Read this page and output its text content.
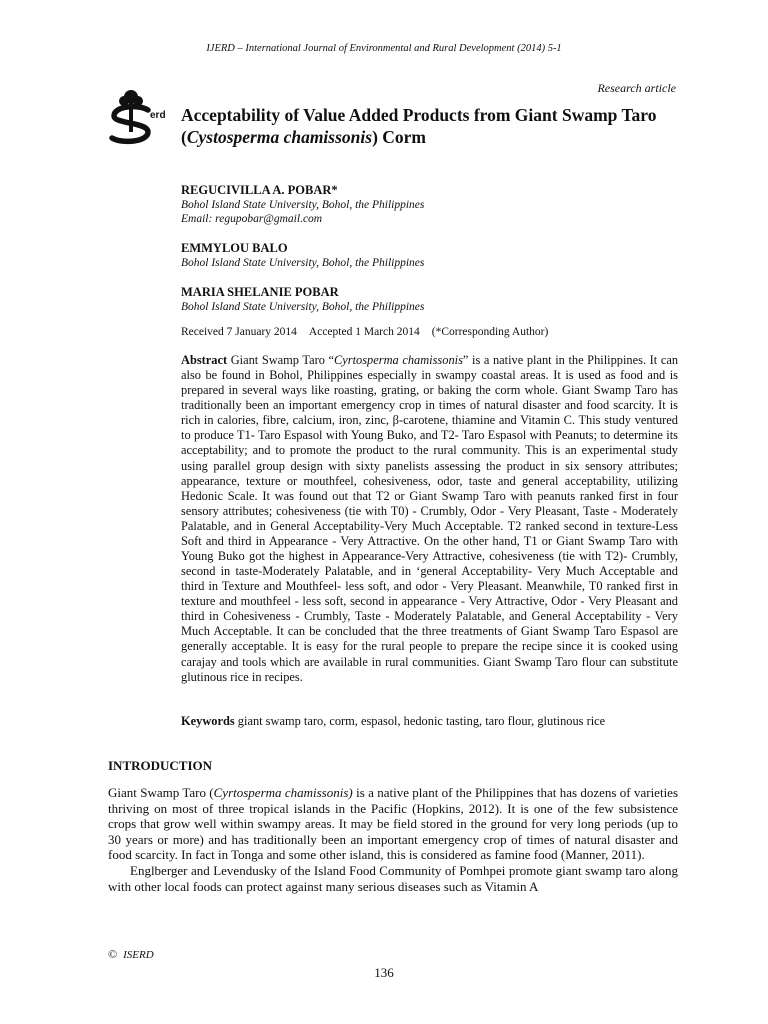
IJERD – International Journal of Environmental and Rural Development (2014) 5-1
Research article
erd Acceptability of Value Added Products from Giant Swamp Taro (Cystosperma chamissonis) Corm
REGUCIVILLA A. POBAR*
Bohol Island State University, Bohol, the Philippines
Email: regupobar@gmail.com
EMMYLOU BALO
Bohol Island State University, Bohol, the Philippines
MARIA SHELANIE POBAR
Bohol Island State University, Bohol, the Philippines
Received 7 January 2014 Accepted 1 March 2014 (*Corresponding Author)
Abstract Giant Swamp Taro “Cyrtosperma chamissonis” is a native plant in the Philippines. It can also be found in Bohol, Philippines especially in swampy coastal areas. It is used as food and is prepared in several ways like roasting, grating, or baking the corm whole. Giant Swamp Taro has traditionally been an important emergency crop in times of natural disaster and food scarcity. It is rich in calories, fibre, calcium, iron, zinc, β-carotene, thiamine and Vitamin C. This study ventured to produce T1- Taro Espasol with Young Buko, and T2- Taro Espasol with Peanuts; to determine its acceptability; and to promote the product to the rural community. This is an experimental study using parallel group design with sixty panelists assessing the product in six sensory attributes; appearance, texture or mouthfeel, cohesiveness, odor, taste and general acceptability, utilizing Hedonic Scale. It was found out that T2 or Giant Swamp Taro with peanuts ranked first in four sensory attributes; cohesiveness (tie with T0) - Crumbly, Odor - Very Pleasant, Taste - Moderately Palatable, and in General Acceptability-Very Much Acceptable. T2 ranked second in texture-Less Soft and third in Appearance - Very Attractive. On the other hand, T1 or Giant Swamp Taro with Young Buko got the highest in Appearance-Very Attractive, cohesiveness (tie with T2)- Crumbly, second in taste-Moderately Palatable, and in ‘general Acceptability- Very Much Acceptable and third in Texture and Mouthfeel- less soft, and odor - Very Pleasant. Meanwhile, T0 ranked first in texture and mouthfeel - less soft, second in appearance - Very Attractive, Odor - Very Pleasant and third in Cohesiveness - Crumbly, Taste - Moderately Palatable, and General Acceptability - Very Much Acceptable. It can be concluded that the three treatments of Giant Swamp Taro Espasol are generally acceptable. It is easy for the rural people to prepare the recipe since it is cooked using carajay and tools which are available in rural communities. Giant Swamp Taro flour can substitute glutinous rice in recipes.
Keywords giant swamp taro, corm, espasol, hedonic tasting, taro flour, glutinous rice
INTRODUCTION

Giant Swamp Taro (Cyrtosperma chamissonis) is a native plant of the Philippines that has dozens of varieties thriving on most of three tropical islands in the Pacific (Hopkins, 2012). It is one of the few subsistence crops that grow well within swampy areas. It may be field stored in the ground for very long periods (up to 30 years or more) and has traditionally been an important emergency crop of times of natural disaster and food scarcity. In fact in Tonga and some other island, this is considered as famine food (Manner, 2011).

Englberger and Levendusky of the Island Food Community of Pomhpei promote giant swamp taro along with other local foods can protect against many serious diseases such as Vitamin A

© ISERD
136
